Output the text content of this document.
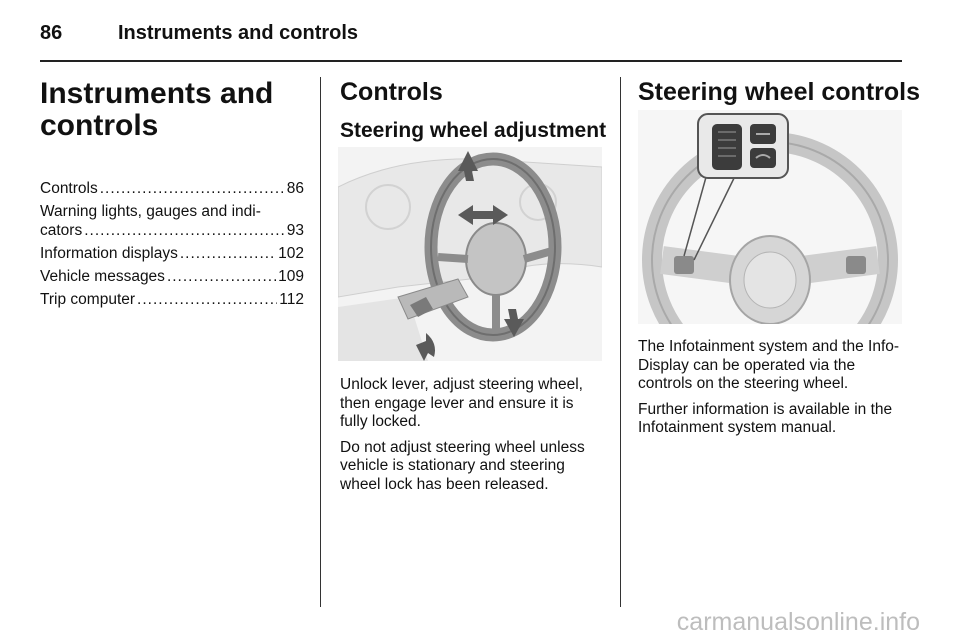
86	Instruments and controls
Instruments and controls
Controls .....	86
Warning lights, gauges and indi-
cators .....	93
Information displays .....	102
Vehicle messages .....	109
Trip computer .....	112
Controls
Steering wheel adjustment

Unlock lever, adjust steering wheel, then engage lever and ensure it is fully locked.

Do not adjust steering wheel unless vehicle is stationary and steering wheel lock has been released.

Steering wheel controls

The Infotainment system and the Info-Display can be operated via the controls on the steering wheel.

Further information is available in the Infotainment system manual.

carmanualsonline.info
